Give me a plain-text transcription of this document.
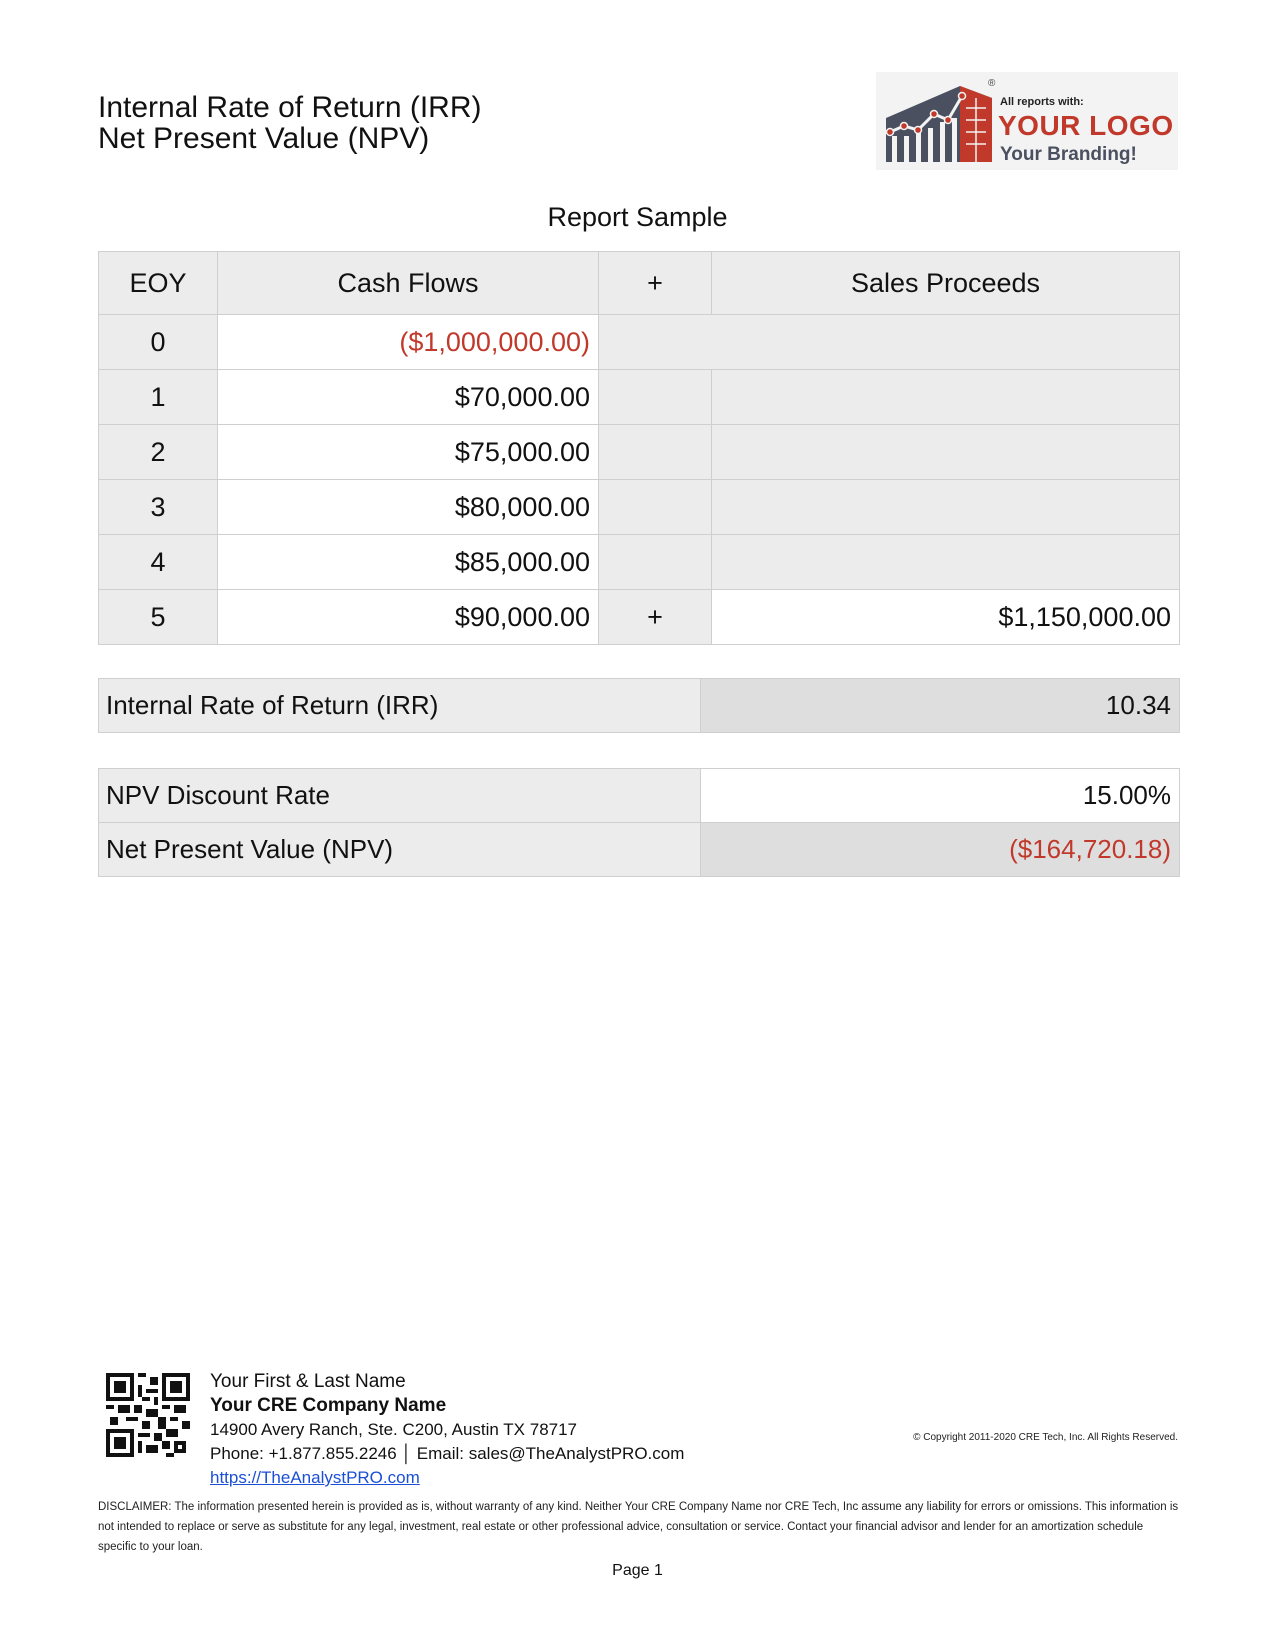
Internal Rate of Return (IRR)
Net Present Value (NPV)
All reports with:
YOUR LOGO
Your Branding!
®
Report Sample
EOY	Cash Flows	+	Sales Proceeds
0	($1,000,000.00)		
1	$70,000.00		
2	$75,000.00		
3	$80,000.00		
4	$85,000.00		
5	$90,000.00	+	$1,150,000.00
Internal Rate of Return (IRR)	10.34
NPV Discount Rate	15.00%
Net Present Value (NPV)	($164,720.18)
Your First & Last Name
Your CRE Company Name
14900 Avery Ranch, Ste. C200, Austin TX 78717
Phone: +1.877.855.2246 │ Email: sales@TheAnalystPRO.com
https://TheAnalystPRO.com
© Copyright 2011-2020 CRE Tech, Inc. All Rights Reserved.
DISCLAIMER: The information presented herein is provided as is, without warranty of any kind. Neither Your CRE Company Name nor CRE Tech, Inc assume any liability for errors or omissions. This information is not intended to replace or serve as substitute for any legal, investment, real estate or other professional advice, consultation or service. Contact your financial advisor and lender for an amortization schedule specific to your loan.
Page 1
